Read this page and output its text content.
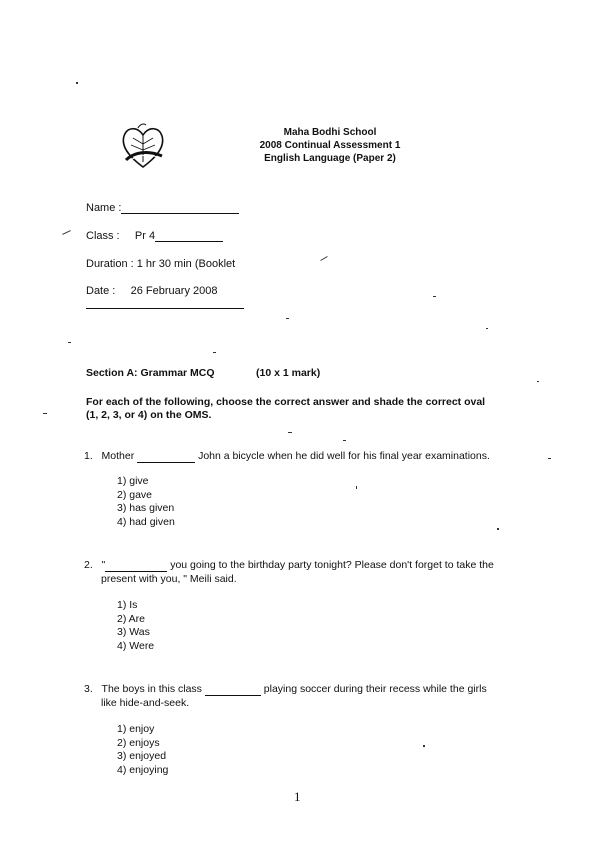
Maha Bodhi School
2008 Continual Assessment 1
English Language (Paper 2)
Name :
Class : Pr 4
Duration : 1 hr 30 min (Booklet
Date : 26 February 2008
Section A: Grammar MCQ	(10 x 1 mark)
For each of the following, choose the correct answer and shade the correct oval
(1, 2, 3, or 4) on the OMS.
1. Mother	John a bicycle when he did well for his final year examinations.
1) give
2) gave
3) has given
4) had given
2. "	you going to the birthday party tonight? Please don't forget to take the
present with you, " Meili said.
1) Is
2) Are
3) Was
4) Were
3. The boys in this class	playing soccer during their recess while the girls
like hide-and-seek.
1) enjoy
2) enjoys
3) enjoyed
4) enjoying
1
